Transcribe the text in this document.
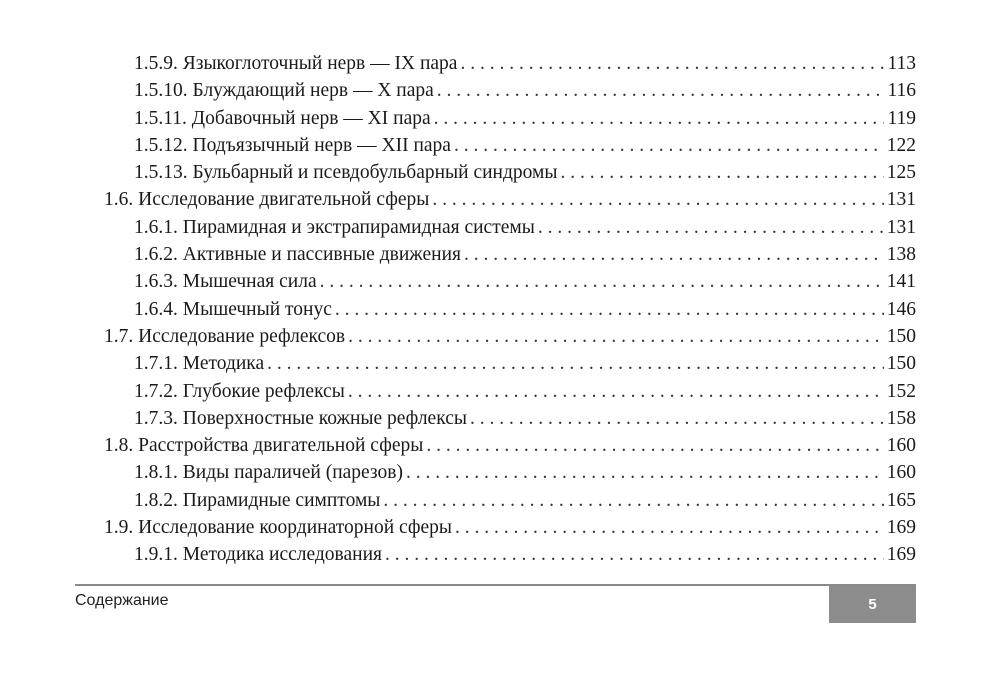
1.5.9. Языкоглоточный нерв — IX пара . . .	113
1.5.10. Блуждающий нерв — X пара . . .	116
1.5.11. Добавочный нерв — XI пара . . .	119
1.5.12. Подъязычный нерв — XII пара . . .	122
1.5.13. Бульбарный и псевдобульбарный синдромы . . .	125
1.6. Исследование двигательной сферы . . .	131
1.6.1. Пирамидная и экстрапирамидная системы . . .	131
1.6.2. Активные и пассивные движения . . .	138
1.6.3. Мышечная сила . . .	141
1.6.4. Мышечный тонус . . .	146
1.7. Исследование рефлексов . . .	150
1.7.1. Методика . . .	150
1.7.2. Глубокие рефлексы . . .	152
1.7.3. Поверхностные кожные рефлексы . . .	158
1.8. Расстройства двигательной сферы . . .	160
1.8.1. Виды параличей (парезов) . . .	160
1.8.2. Пирамидные симптомы . . .	165
1.9. Исследование координаторной сферы . . .	169
1.9.1. Методика исследования . . .	169
Содержание	5
